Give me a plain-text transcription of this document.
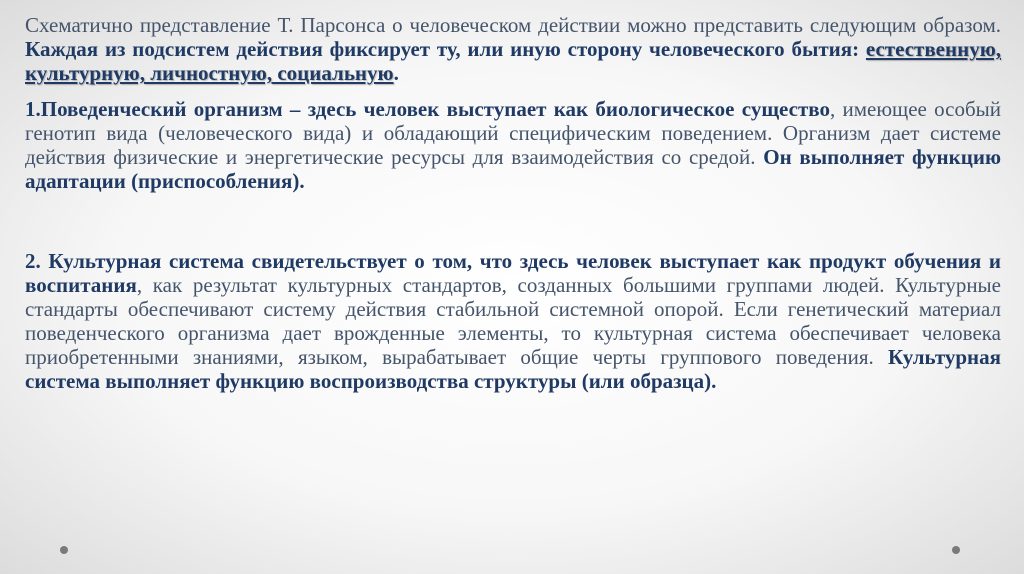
Схематично представление Т. Парсонса о человеческом действии можно представить следующим образом. Каждая из подсистем действия фиксирует ту, или иную сторону человеческого бытия: естественную, культурную, личностную, социальную.

1.Поведенческий организм – здесь человек выступает как биологическое существо, имеющее особый генотип вида (человеческого вида) и обладающий специфическим поведением. Организм дает системе действия физические и энергетические ресурсы для взаимодействия со средой. Он выполняет функцию адаптации (приспособления).

2. Культурная система свидетельствует о том, что здесь человек выступает как продукт обучения и воспитания, как результат культурных стандартов, созданных большими группами людей. Культурные стандарты обеспечивают систему действия стабильной системной опорой. Если генетический материал поведенческого организма дает врожденные элементы, то культурная система обеспечивает человека приобретенными знаниями, языком, вырабатывает общие черты группового поведения. Культурная система выполняет функцию воспроизводства структуры (или образца).
